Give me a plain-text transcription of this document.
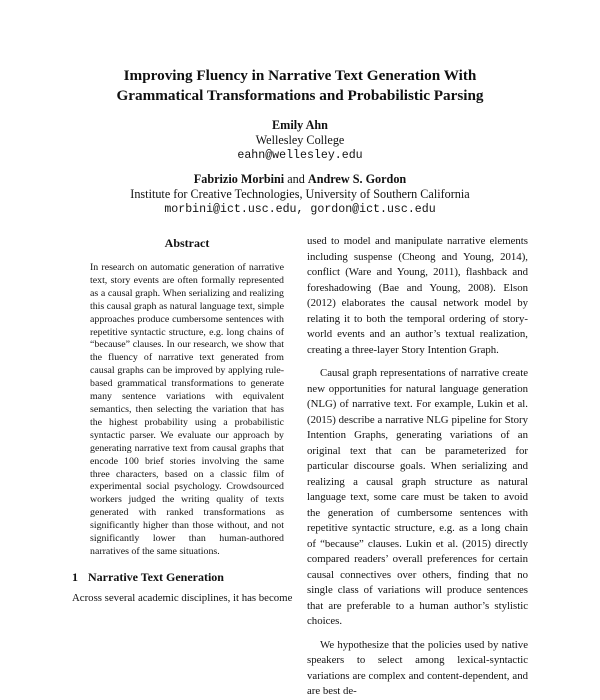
Improving Fluency in Narrative Text Generation With
Grammatical Transformations and Probabilistic Parsing
Emily Ahn
Wellesley College
eahn@wellesley.edu
Fabrizio Morbini and Andrew S. Gordon
Institute for Creative Technologies, University of Southern California
morbini@ict.usc.edu, gordon@ict.usc.edu
Abstract

In research on automatic generation of narrative text, story events are often formally represented as a causal graph. When serializing and realizing this causal graph as natural language text, simple approaches produce cumbersome sentences with repetitive syntactic structure, e.g. long chains of “because” clauses. In our research, we show that the fluency of narrative text generated from causal graphs can be improved by applying rule-based grammatical transformations to generate many sentence variations with equivalent semantics, then selecting the variation that has the highest probability using a probabilistic syntactic parser. We evaluate our approach by generating narrative text from causal graphs that encode 100 brief stories involving the same three characters, based on a classic film of experimental social psychology. Crowdsourced workers judged the writing quality of texts generated with ranked transformations as significantly higher than those without, and not significantly lower than human-authored narratives of the same situations.

1 Narrative Text Generation
Across several academic disciplines, it has become

used to model and manipulate narrative elements including suspense (Cheong and Young, 2014), conflict (Ware and Young, 2011), flashback and foreshadowing (Bae and Young, 2008). Elson (2012) elaborates the causal network model by relating it to both the temporal ordering of story-world events and an author’s textual realization, creating a three-layer Story Intention Graph.

Causal graph representations of narrative create new opportunities for natural language generation (NLG) of narrative text. For example, Lukin et al. (2015) describe a narrative NLG pipeline for Story Intention Graphs, generating variations of an original text that can be parameterized for particular discourse goals. When serializing and realizing a causal graph structure as natural language text, some care must be taken to avoid the generation of cumbersome sentences with repetitive syntactic structure, e.g. as a long chain of “because” clauses. Lukin et al. (2015) directly compared readers’ overall preferences for certain causal connectives over others, finding that no single class of variations will produce sentences that are preferable to a human author’s stylistic choices.

We hypothesize that the policies used by native speakers to select among lexical-syntactic variations are complex and content-dependent, and are best de-
